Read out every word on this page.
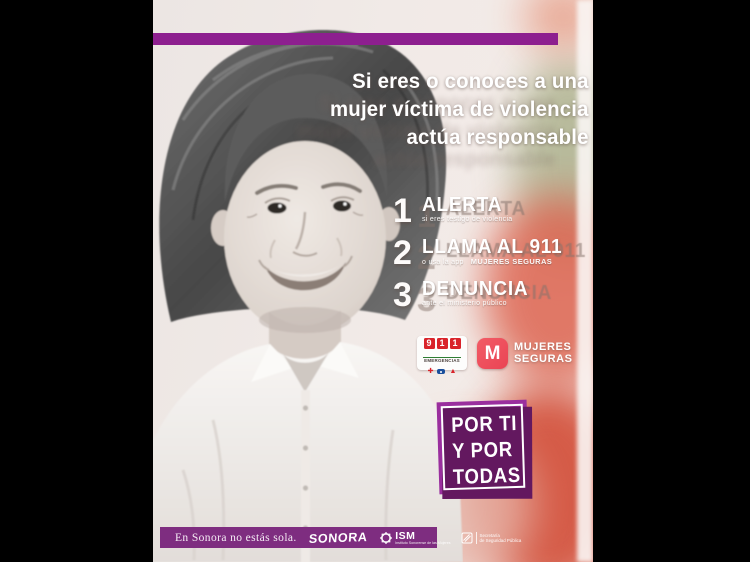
Si eres o conoces a una
mujer víctima de violencia
actúa responsable
1 ALERTA
si eres testigo de violencia
2 LLAMA AL 911
o usa la app MUJERES SEGURAS
3 DENUNCIA
ante el ministerio público
9 1 1
EMERGENCIAS
✚ ▲
M	MUJERES
SEGURAS
POR TI
Y POR
TODAS
En Sonora no estás sola. SONORA	ISM
Instituto Sonorense de las Mujeres
Secretaría
de Seguridad Pública
